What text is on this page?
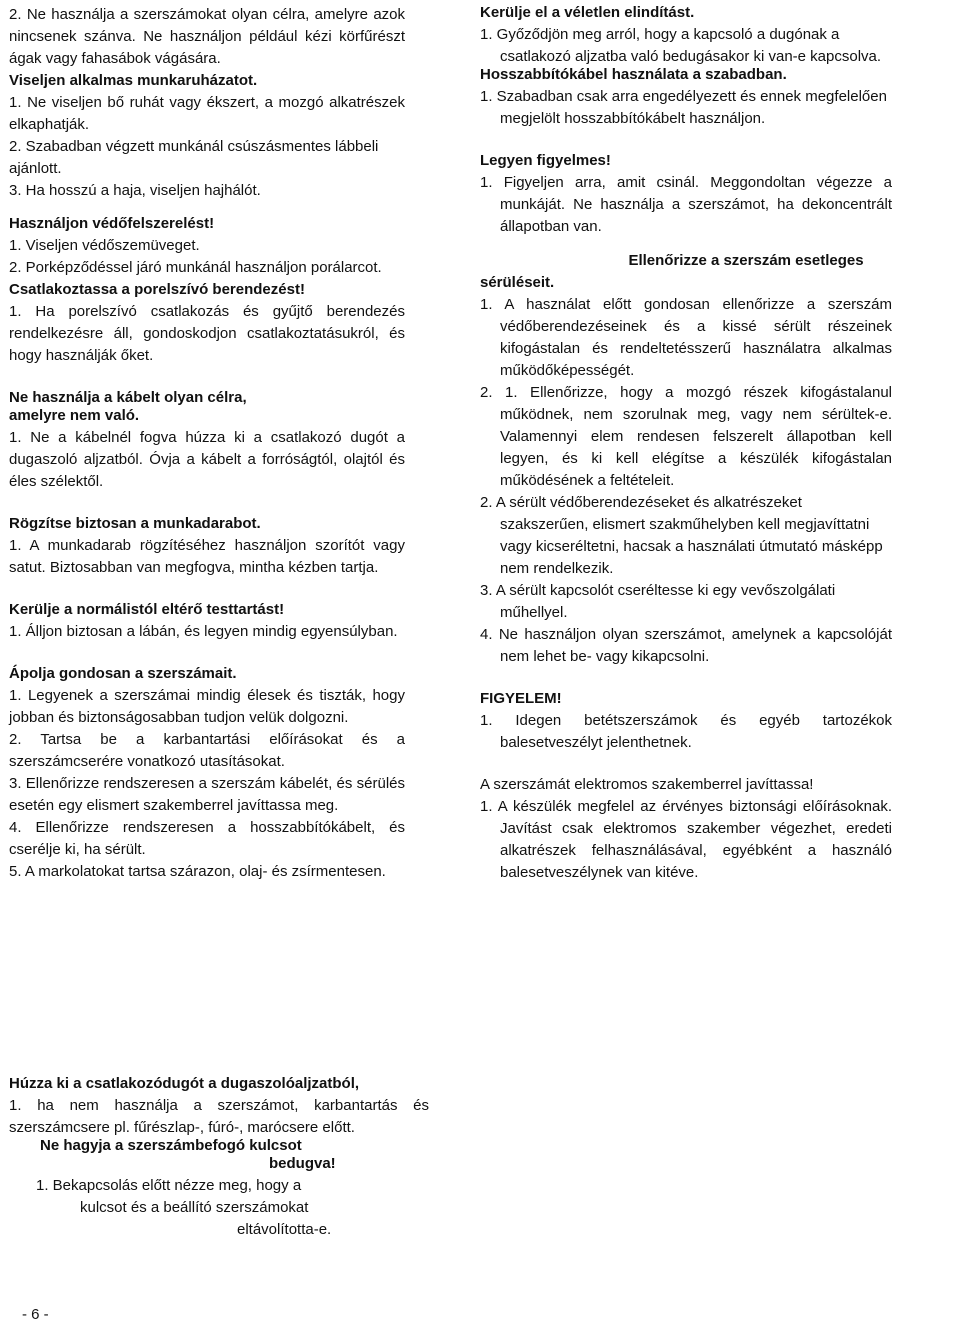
2. Ne használja a szerszámokat olyan célra, amelyre azok nincsenek szánva. Ne használjon például kézi körfűrészt ágak vagy fahasábok vágására.

Viseljen alkalmas munkaruházatot.

1. Ne viseljen bő ruhát vagy ékszert, a mozgó alkatrészek elkaphatják.

2. Szabadban végzett munkánál csúszásmentes lábbeli ajánlott.

3. Ha hosszú a haja, viseljen hajhálót.

Használjon védőfelszerelést!

1. Viseljen védőszemüveget.

2. Porképződéssel járó munkánál használjon porálarcot.

Csatlakoztassa a porelszívó berendezést!

1. Ha porelszívó csatlakozás és gyűjtő berendezés rendelkezésre áll, gondoskodjon csatlakoztatásukról, és hogy használják őket.

Ne használja a kábelt olyan célra,

amelyre nem való.

1. Ne a kábelnél fogva húzza ki a csatlakozó dugót a dugaszoló aljzatból. Óvja a kábelt a forróságtól, olajtól és éles szélektől.

Rögzítse biztosan a munkadarabot.

1. A munkadarab rögzítéséhez használjon szorítót vagy satut. Biztosabban van megfogva, mintha kézben tartja.

Kerülje a normálistól eltérő testtartást!

1. Álljon biztosan a lábán, és legyen mindig egyensúlyban.

Ápolja gondosan a szerszámait.

1. Legyenek a szerszámai mindig élesek és tiszták, hogy jobban és biztonságosabban tudjon velük dolgozni.

2. Tartsa be a karbantartási előírásokat és a szerszámcserére vonatkozó utasításokat.

3. Ellenőrizze rendszeresen a szerszám kábelét, és sérülés esetén egy elismert szakemberrel javíttassa meg.

4. Ellenőrizze rendszeresen a hosszabbítókábelt, és cserélje ki, ha sérült.

5. A markolatokat tartsa szárazon, olaj- és zsírmentesen.

Kerülje el a véletlen elindítást.

1. Győződjön meg arról, hogy a kapcsoló a dugónak a csatlakozó aljzatba való bedugásakor ki van-e kapcsolva.

Hosszabbítókábel használata a szabadban.

1. Szabadban csak arra engedélyezett és ennek megfelelően megjelölt hosszabbítókábelt használjon.

Legyen figyelmes!

1. Figyeljen arra, amit csinál. Meggondoltan végezze a munkáját. Ne használja a szerszámot, ha dekoncentrált állapotban van.

Ellenőrizze a szerszám esetleges

sérüléseit.

1. A használat előtt gondosan ellenőrizze a szerszám védőberendezéseinek és a kissé sérült részeinek kifogástalan és rendeltetésszerű használatra alkalmas működőképességét.

2. 1. Ellenőrizze, hogy a mozgó részek kifogástalanul működnek, nem szorulnak meg, vagy nem sérültek-e. Valamennyi elem rendesen felszerelt állapotban kell legyen, és ki kell elégítse a készülék kifogástalan működésének a feltételeit.

2. A sérült védőberendezéseket és alkatrészeket szakszerűen, elismert szakműhelyben kell megjavíttatni vagy kicseréltetni, hacsak a használati útmutató másképp nem rendelkezik.

3. A sérült kapcsolót cseréltesse ki egy vevőszolgálati műhellyel.

4. Ne használjon olyan szerszámot, amelynek a kapcsolóját nem lehet be- vagy kikapcsolni.

FIGYELEM!

1. Idegen betétszerszámok és egyéb tartozékok balesetveszélyt jelenthetnek.

A szerszámát elektromos szakemberrel javíttassa!

1. A készülék megfelel az érvényes biztonsági előírásoknak. Javítást csak elektromos szakember végezhet, eredeti alkatrészek felhasználásával, egyébként a használó balesetveszélynek van kitéve.

Húzza ki a csatlakozódugót a dugaszolóaljzatból,

1. ha nem használja a szerszámot, karbantartás és szerszámcsere pl. fűrészlap-, fúró-, marócsere előtt.

Ne hagyja a szerszámbefogó kulcsot

bedugva!

1. Bekapcsolás előtt nézze meg, hogy a

kulcsot és a beállító szerszámokat

eltávolította-e.

- 6 -
